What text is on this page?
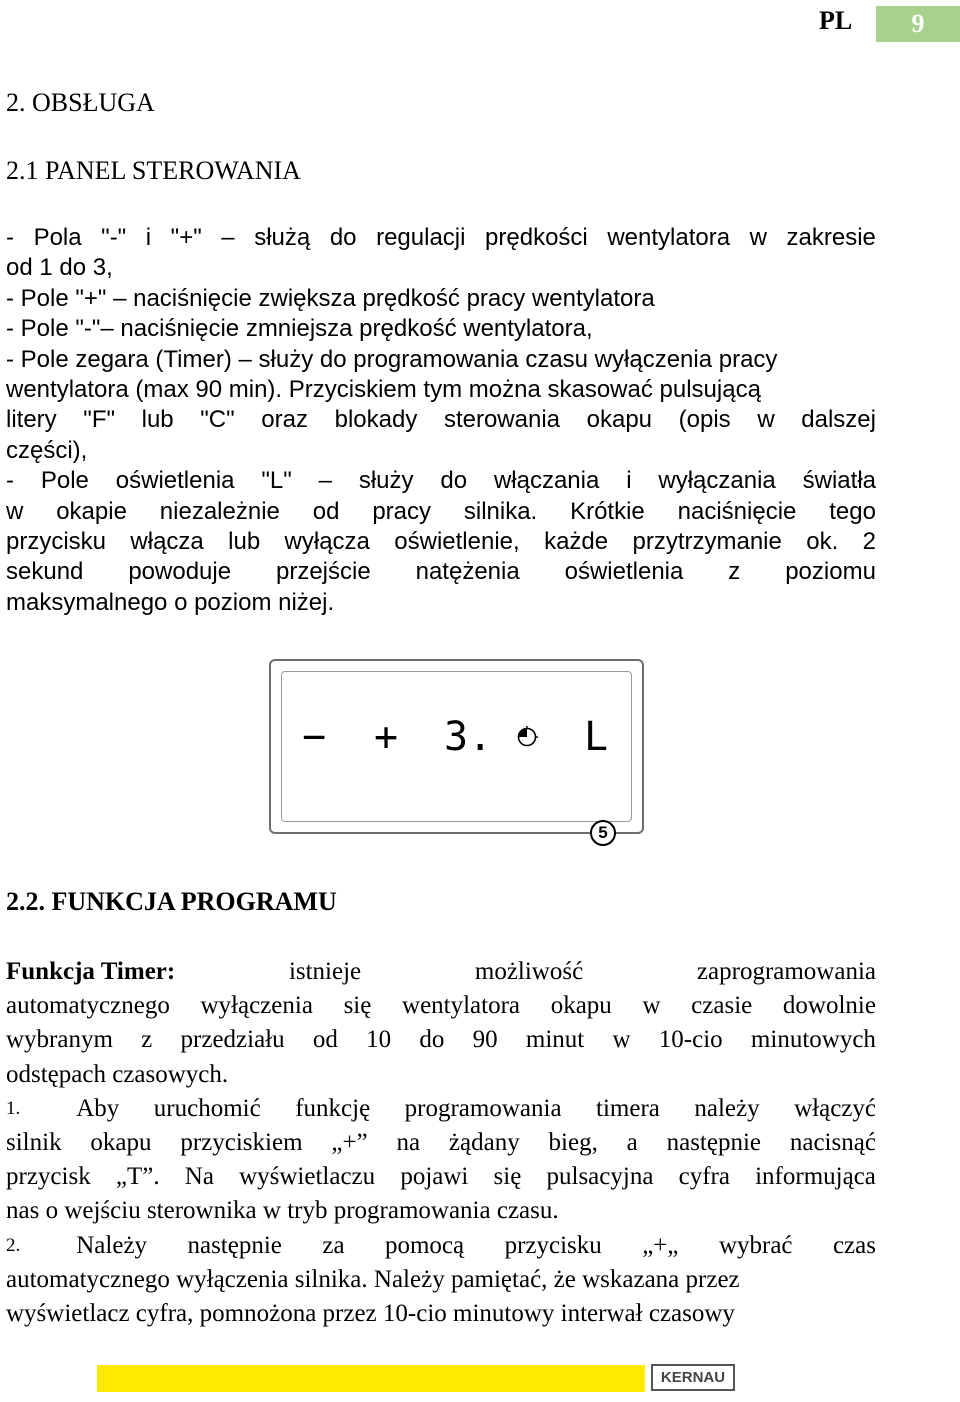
PL	9
2. OBSŁUGA
2.1 PANEL STEROWANIA
- Pola "-" i "+" – służą do regulacji prędkości wentylatora w zakresie
od 1 do 3,
- Pole "+" – naciśnięcie zwiększa prędkość pracy wentylatora
- Pole "-"– naciśnięcie zmniejsza prędkość wentylatora,
- Pole zegara (Timer) – służy do programowania czasu wyłączenia pracy
wentylatora (max 90 min). Przyciskiem tym można skasować pulsującą
litery "F" lub "C" oraz blokady sterowania okapu (opis w dalszej
części),
- Pole oświetlenia "L" – służy do włączania i wyłączania światła
w okapie niezależnie od pracy silnika. Krótkie naciśnięcie tego
przycisku włącza lub wyłącza oświetlenie, każde przytrzymanie ok. 2
sekund powoduje przejście natężenia oświetlenia z poziomu
maksymalnego o poziom niżej.
− + 3. L
5
2.2. FUNKCJA PROGRAMU
Funkcja Timer:	istnieje	możliwość	zaprogramowania
automatycznego wyłączenia się wentylatora okapu w czasie dowolnie
wybranym z przedziału od 10 do 90 minut w 10-cio minutowych
odstępach czasowych.
1. Aby uruchomić funkcję programowania timera należy włączyć
silnik okapu przyciskiem „+” na żądany bieg, a następnie nacisnąć
przycisk „T”. Na wyświetlaczu pojawi się pulsacyjna cyfra informująca
nas o wejściu sterownika w tryb programowania czasu.
2. Należy następnie za pomocą przycisku „+„ wybrać czas
automatycznego wyłączenia silnika. Należy pamiętać, że wskazana przez
wyświetlacz cyfra, pomnożona przez 10-cio minutowy interwał czasowy
KERNAU
